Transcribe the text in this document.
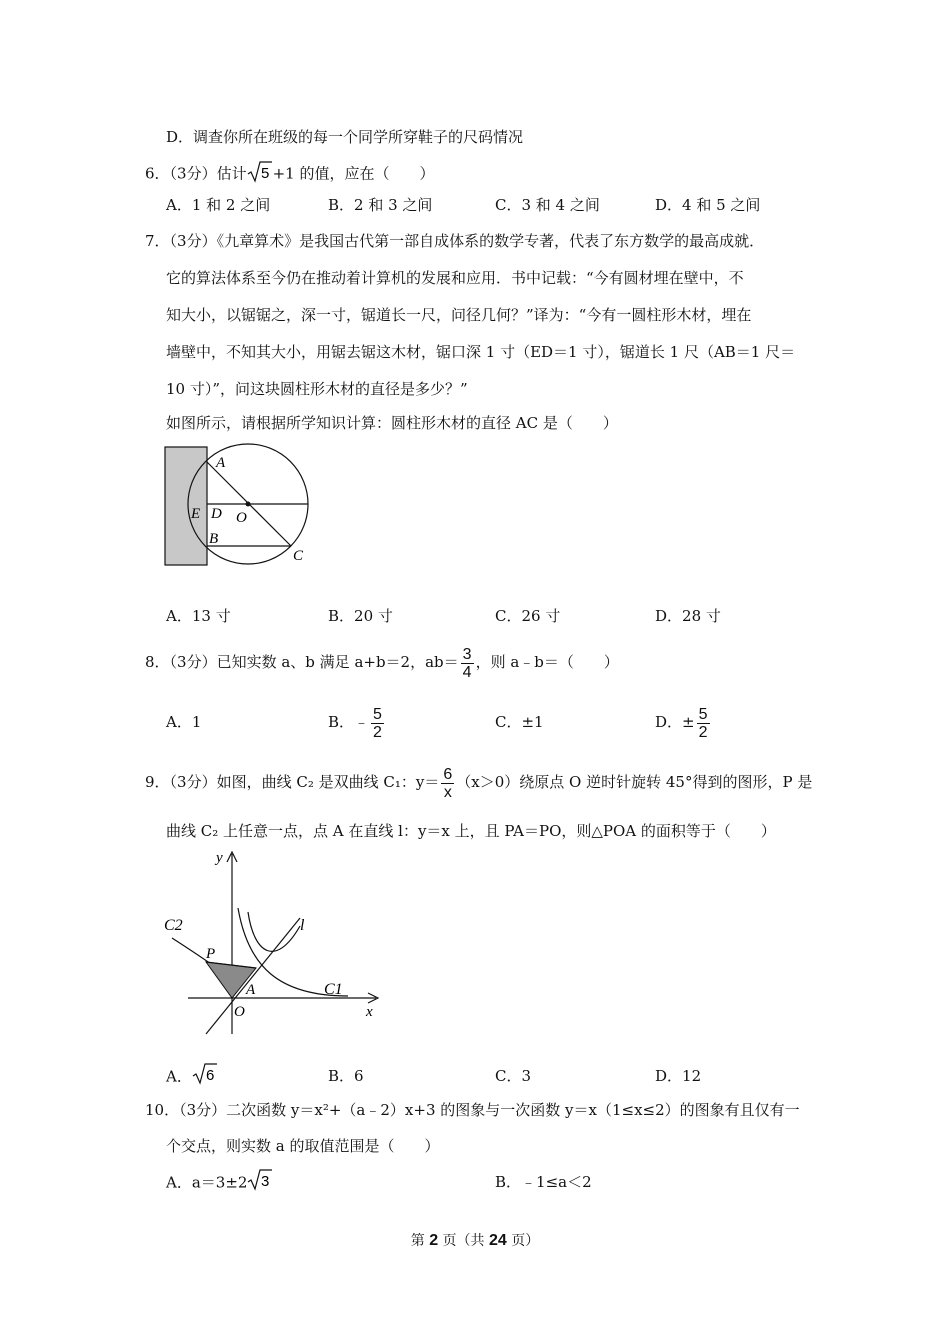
D．调查你所在班级的每一个同学所穿鞋子的尺码情况
6．（3分）估计 5 +1 的值，应在（　　）
A．1 和 2 之间	B．2 和 3 之间	C．3 和 4 之间	D．4 和 5 之间
7．（3分）《九章算术》是我国古代第一部自成体系的数学专著，代表了东方数学的最高成就．
它的算法体系至今仍在推动着计算机的发展和应用．书中记载：“今有圆材埋在壁中，不
知大小，以锯锯之，深一寸，锯道长一尺，问径几何？”译为：“今有一圆柱形木材，埋在
墙壁中，不知其大小，用锯去锯这木材，锯口深 1 寸（ED＝1 寸），锯道长 1 尺（AB＝1 尺＝
10 寸）”，问这块圆柱形木材的直径是多少？”
如图所示，请根据所学知识计算：圆柱形木材的直径 AC 是（　　）
A
E D O
B
C
A．13 寸	B．20 寸	C．26 寸	D．28 寸
8．（3分）已知实数 a、b 满足 a+b＝2，$ab= \frac{3}{4}$ ，则 a﹣b＝（　　）
A．1	B．﹣ $\frac{5}{2}$	C．±1	D．± $\frac{5}{2}$
9．（3分）如图，曲线 C₂ 是双曲线 C₁：$y= \frac{6}{x} (x>0)$绕原点 O 逆时针旋转 45°得到的图形，P 是
曲线 C₂ 上任意一点，点 A 在直线 l：y＝x 上，且 PA＝PO，则△POA 的面积等于（　　）
y
C2	l
P
A	C1
O	x
A． 6	B．6	C．3	D．12
10．（3分）二次函数 y＝x²+（a﹣2）x+3 的图象与一次函数 y＝x（1≤x≤2）的图象有且仅有一
个交点，则实数 a 的取值范围是（　　）
A．a＝3±2 3	B．﹣1≤a＜2
第 2 页（共 24 页）
